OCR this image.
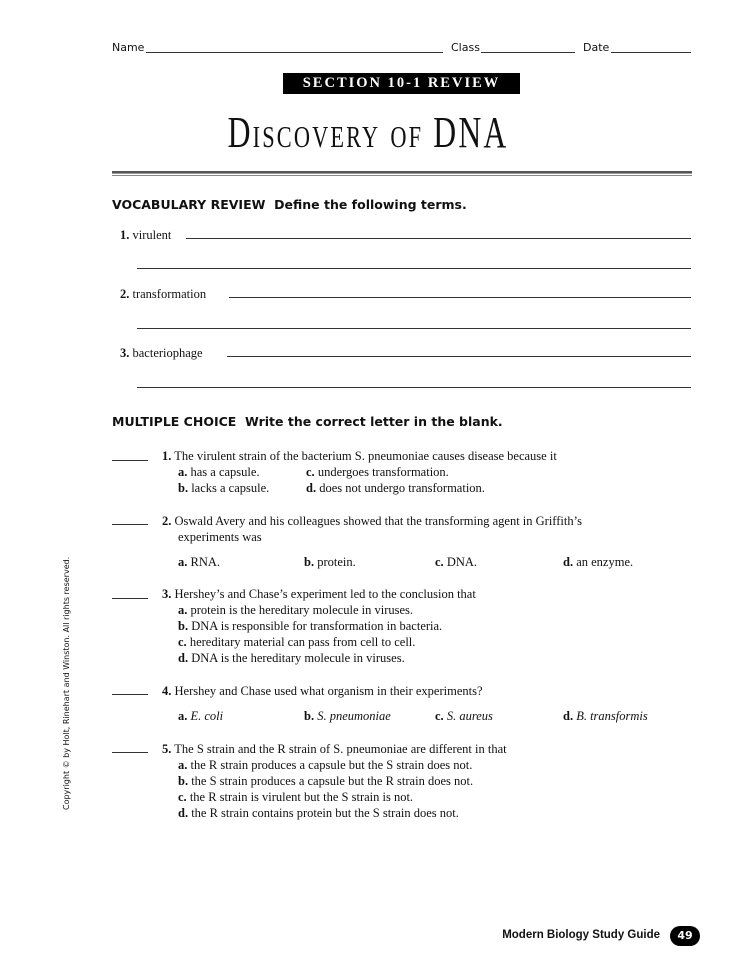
Name	Class	Date
SECTION 10-1 REVIEW
Discovery of DNA
VOCABULARY REVIEW Define the following terms.
1. virulent
2. transformation
3. bacteriophage
MULTIPLE CHOICE Write the correct letter in the blank.
1. The virulent strain of the bacterium S. pneumoniae causes disease because it
a. has a capsule.	c. undergoes transformation.
b. lacks a capsule.	d. does not undergo transformation.
2. Oswald Avery and his colleagues showed that the transforming agent in Griffith’s
experiments was
a. RNA.	b. protein.	c. DNA.	d. an enzyme.
3. Hershey’s and Chase’s experiment led to the conclusion that
a. protein is the hereditary molecule in viruses.
b. DNA is responsible for transformation in bacteria.
c. hereditary material can pass from cell to cell.
d. DNA is the hereditary molecule in viruses.
4. Hershey and Chase used what organism in their experiments?
a. E. coli	b. S. pneumoniae	c. S. aureus	d. B. transformis
5. The S strain and the R strain of S. pneumoniae are different in that
a. the R strain produces a capsule but the S strain does not.
b. the S strain produces a capsule but the R strain does not.
c. the R strain is virulent but the S strain is not.
d. the R strain contains protein but the S strain does not.
Copyright © by Holt, Rinehart and Winston. All rights reserved.
Modern Biology Study Guide	49
